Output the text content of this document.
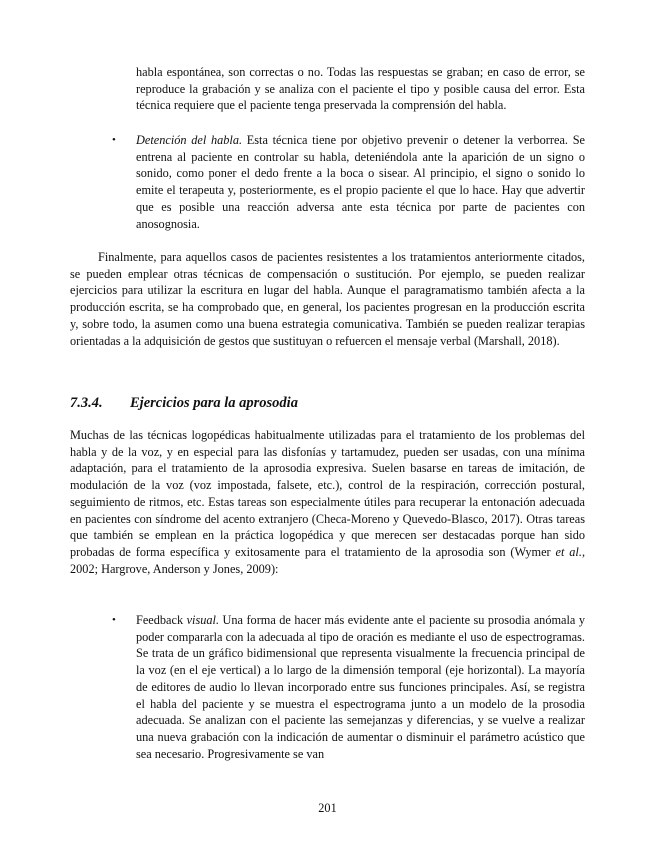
habla espontánea, son correctas o no. Todas las respuestas se graban; en caso de error, se reproduce la grabación y se analiza con el paciente el tipo y posible causa del error. Esta técnica requiere que el paciente tenga preservada la comprensión del habla.

• Detención del habla. Esta técnica tiene por objetivo prevenir o detener la verborrea. Se entrena al paciente en controlar su habla, deteniéndola ante la aparición de un signo o sonido, como poner el dedo frente a la boca o sisear. Al principio, el signo o sonido lo emite el terapeuta y, posteriormente, es el propio paciente el que lo hace. Hay que advertir que es posible una reacción adversa ante esta técnica por parte de pacientes con anosognosia.

Finalmente, para aquellos casos de pacientes resistentes a los tratamientos anteriormente citados, se pueden emplear otras técnicas de compensación o sustitución. Por ejemplo, se pueden realizar ejercicios para utilizar la escritura en lugar del habla. Aunque el paragramatismo también afecta a la producción escrita, se ha comprobado que, en general, los pacientes progresan en la producción escrita y, sobre todo, la asumen como una buena estrategia comunicativa. También se pueden realizar terapias orientadas a la adquisición de gestos que sustituyan o refuercen el mensaje verbal (Marshall, 2018).

7.3.4. Ejercicios para la aprosodia

Muchas de las técnicas logopédicas habitualmente utilizadas para el tratamiento de los problemas del habla y de la voz, y en especial para las disfonías y tartamudez, pueden ser usadas, con una mínima adaptación, para el tratamiento de la aprosodia expresiva. Suelen basarse en tareas de imitación, de modulación de la voz (voz impostada, falsete, etc.), control de la respiración, corrección postural, seguimiento de ritmos, etc. Estas tareas son especialmente útiles para recuperar la entonación adecuada en pacientes con síndrome del acento extranjero (Checa-Moreno y Quevedo-Blasco, 2017). Otras tareas que también se emplean en la práctica logopédica y que merecen ser destacadas porque han sido probadas de forma específica y exitosamente para el tratamiento de la aprosodia son (Wymer et al., 2002; Hargrove, Anderson y Jones, 2009):

• Feedback visual. Una forma de hacer más evidente ante el paciente su prosodia anómala y poder compararla con la adecuada al tipo de oración es mediante el uso de espectrogramas. Se trata de un gráfico bidimensional que representa visualmente la frecuencia principal de la voz (en el eje vertical) a lo largo de la dimensión temporal (eje horizontal). La mayoría de editores de audio lo llevan incorporado entre sus funciones principales. Así, se registra el habla del paciente y se muestra el espectrograma junto a un modelo de la prosodia adecuada. Se analizan con el paciente las semejanzas y diferencias, y se vuelve a realizar una nueva grabación con la indicación de aumentar o disminuir el parámetro acústico que sea necesario. Progresivamente se van

201
